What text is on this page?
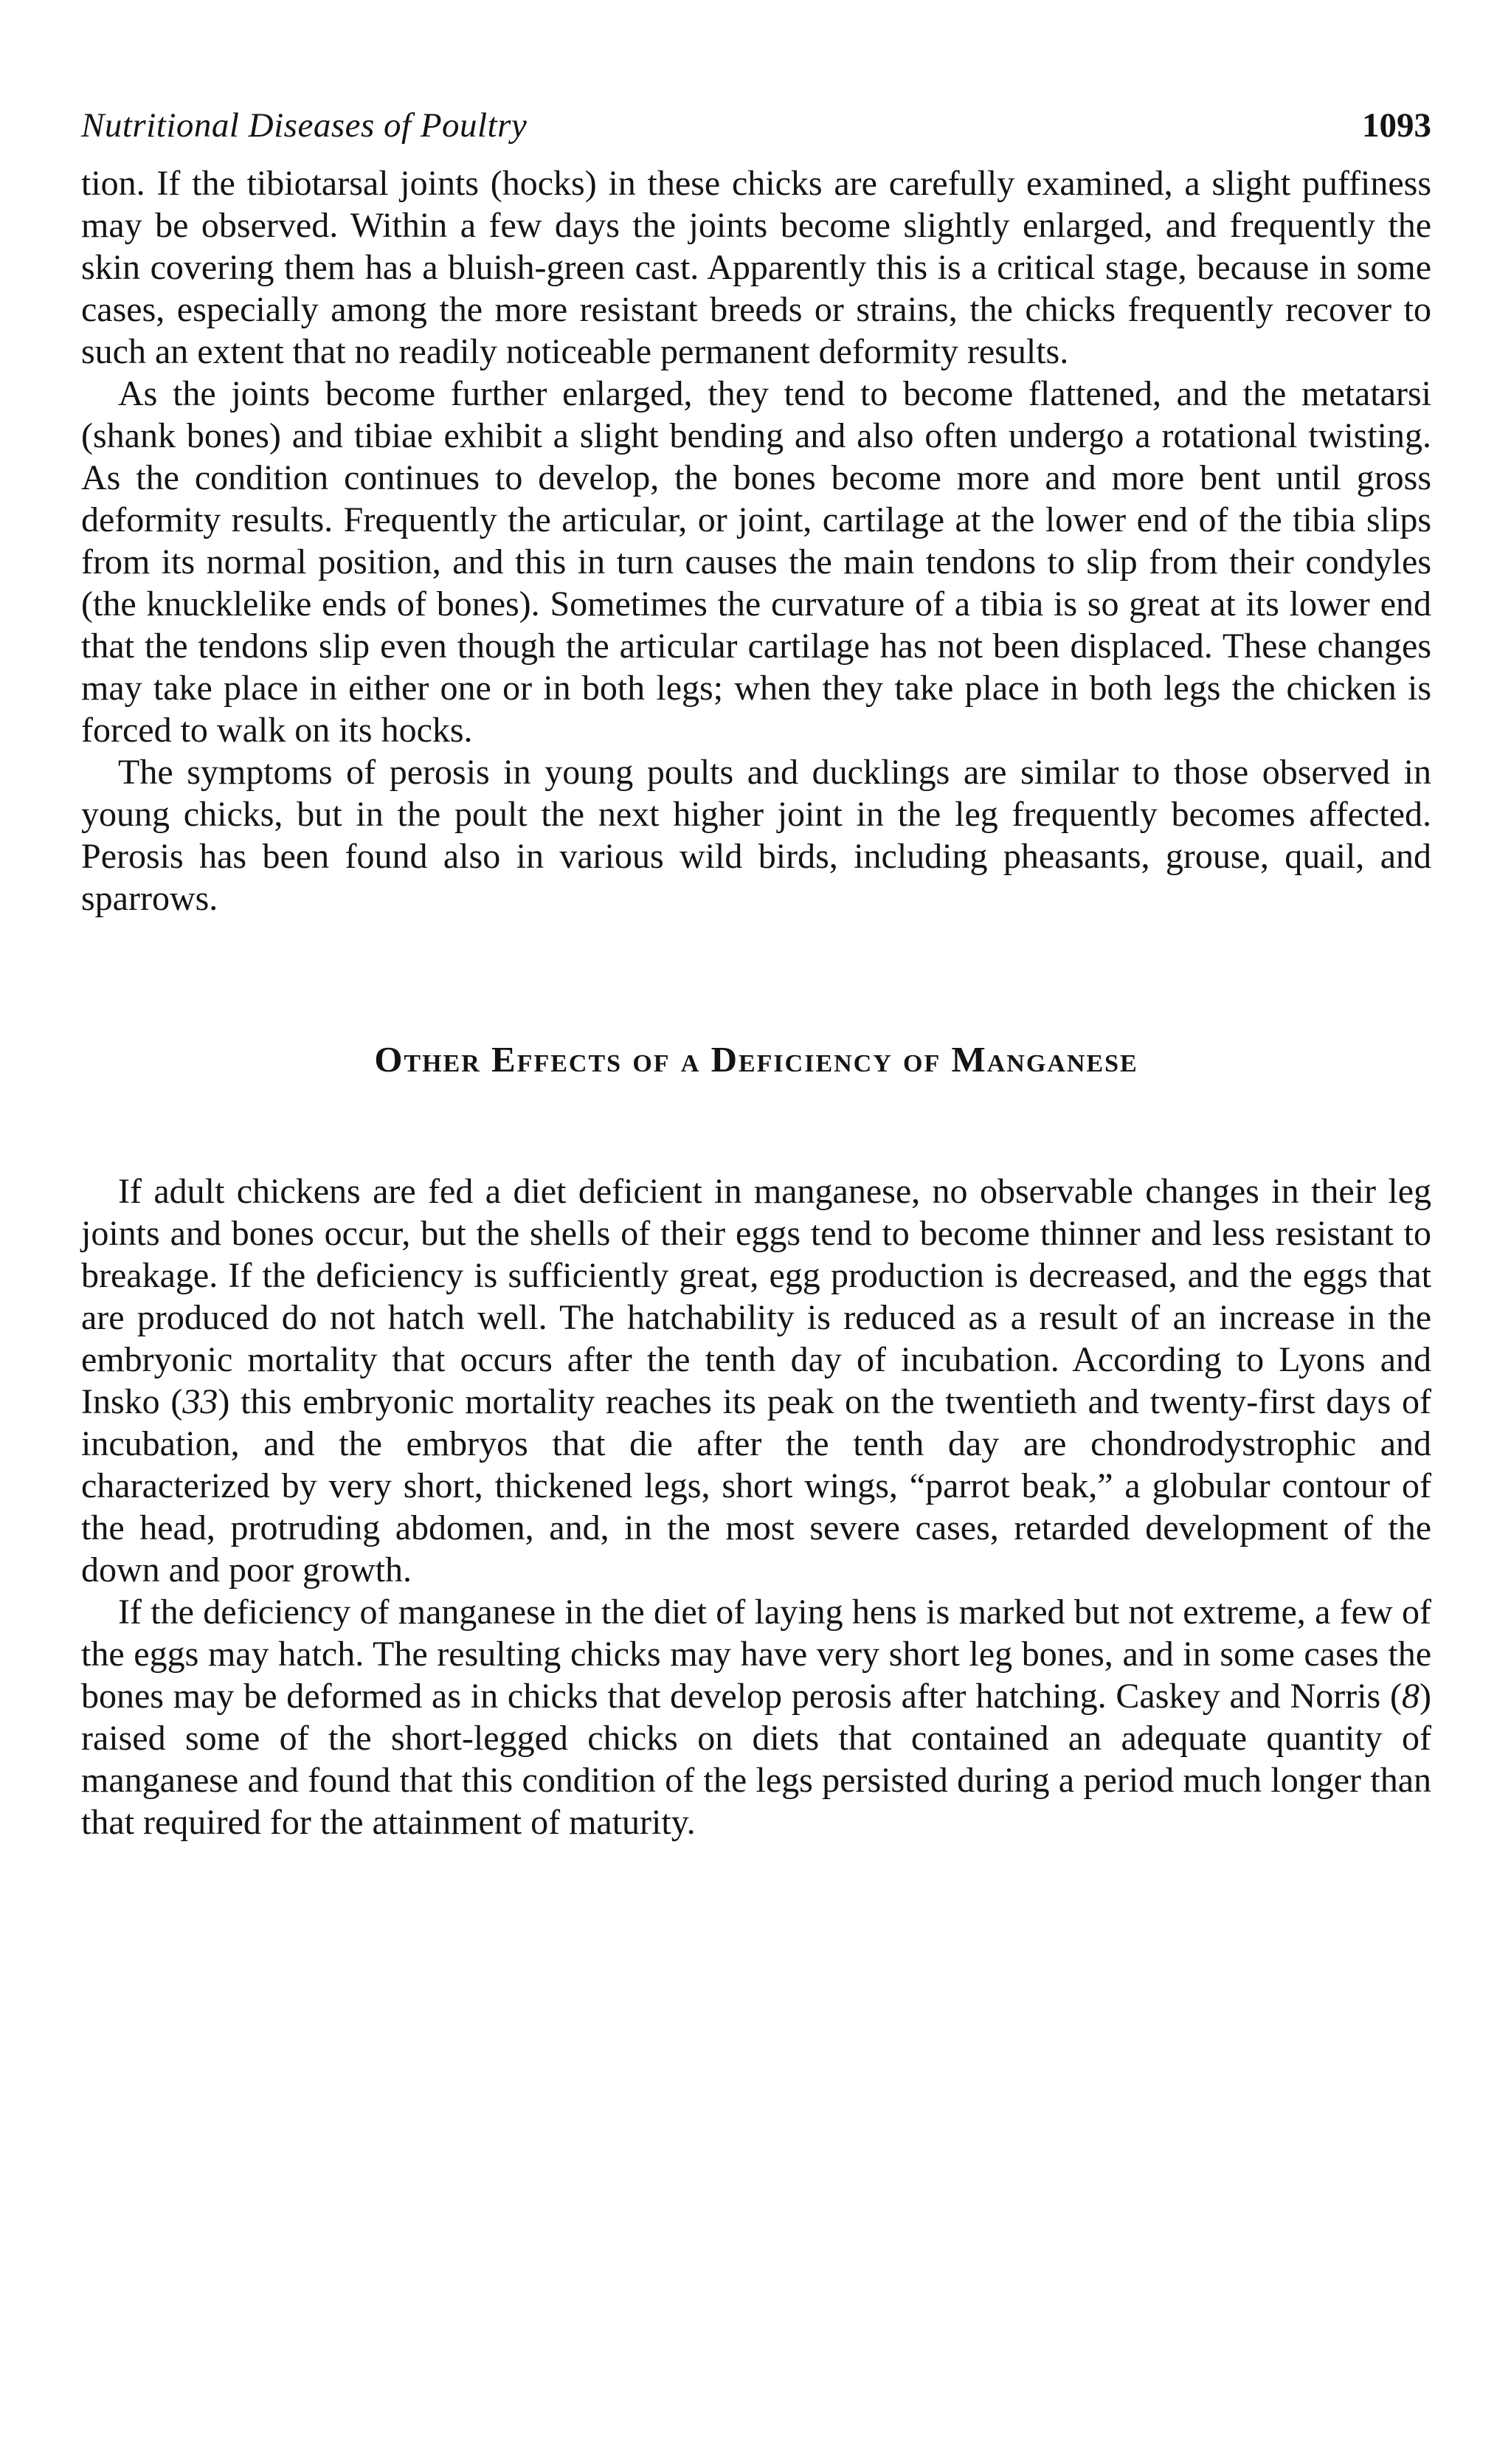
Nutritional Diseases of Poultry	1093

tion. If the tibiotarsal joints (hocks) in these chicks are carefully examined, a slight puffiness may be observed. Within a few days the joints become slightly enlarged, and frequently the skin covering them has a bluish-green cast. Apparently this is a critical stage, because in some cases, especially among the more resistant breeds or strains, the chicks frequently recover to such an extent that no readily noticeable permanent deformity results.

As the joints become further enlarged, they tend to become flattened, and the metatarsi (shank bones) and tibiae exhibit a slight bending and also often undergo a rotational twisting. As the condition continues to develop, the bones become more and more bent until gross deformity results. Frequently the articular, or joint, cartilage at the lower end of the tibia slips from its normal position, and this in turn causes the main tendons to slip from their condyles (the knucklelike ends of bones). Sometimes the curvature of a tibia is so great at its lower end that the tendons slip even though the articular cartilage has not been displaced. These changes may take place in either one or in both legs; when they take place in both legs the chicken is forced to walk on its hocks.

The symptoms of perosis in young poults and ducklings are similar to those observed in young chicks, but in the poult the next higher joint in the leg frequently becomes affected. Perosis has been found also in various wild birds, including pheasants, grouse, quail, and sparrows.

Other Effects of a Deficiency of Manganese

If adult chickens are fed a diet deficient in manganese, no observable changes in their leg joints and bones occur, but the shells of their eggs tend to become thinner and less resistant to breakage. If the deficiency is sufficiently great, egg production is decreased, and the eggs that are produced do not hatch well. The hatchability is reduced as a result of an increase in the embryonic mortality that occurs after the tenth day of incubation. According to Lyons and Insko (33) this embryonic mortality reaches its peak on the twentieth and twenty-first days of incubation, and the embryos that die after the tenth day are chondrodystrophic and characterized by very short, thickened legs, short wings, “parrot beak,” a globular contour of the head, protruding abdomen, and, in the most severe cases, retarded development of the down and poor growth.

If the deficiency of manganese in the diet of laying hens is marked but not extreme, a few of the eggs may hatch. The resulting chicks may have very short leg bones, and in some cases the bones may be deformed as in chicks that develop perosis after hatching. Caskey and Norris (8) raised some of the short-legged chicks on diets that contained an adequate quantity of manganese and found that this condition of the legs persisted during a period much longer than that required for the attainment of maturity.
